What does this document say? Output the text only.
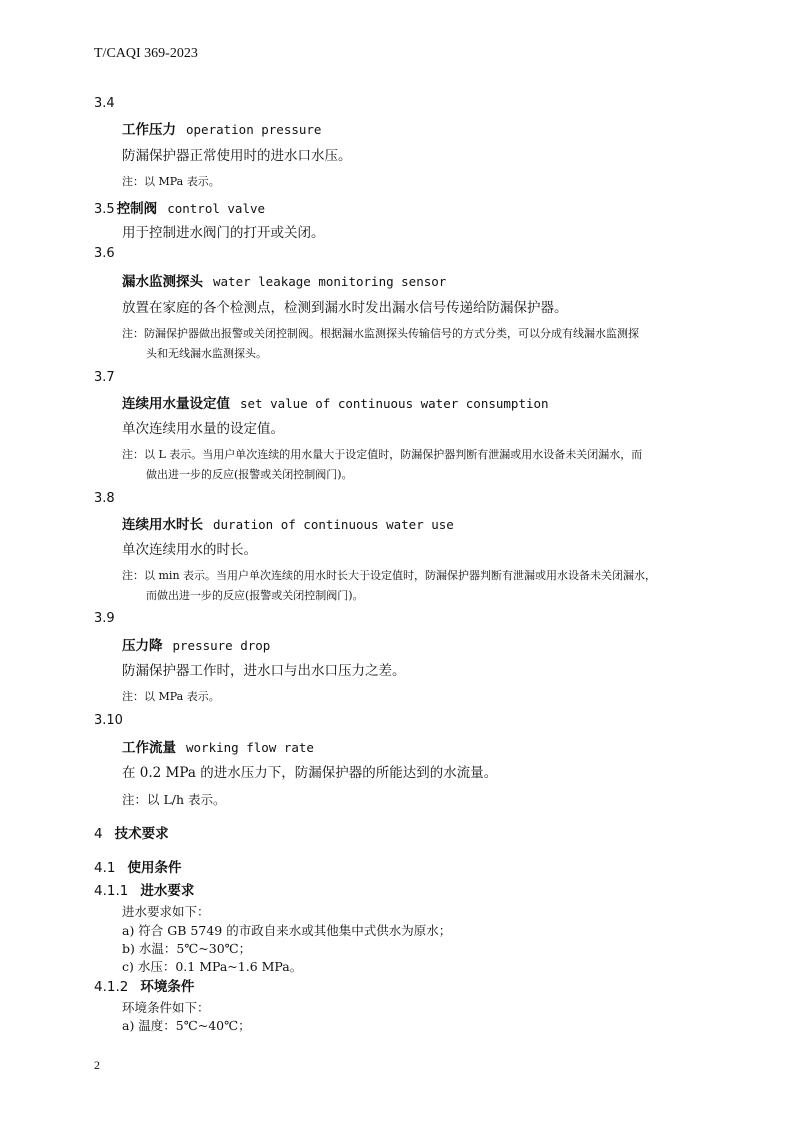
T/CAQI 369-2023
3.4
工作压力 operation pressure
防漏保护器正常使用时的进水口水压。
注：以 MPa 表示。
3.5 控制阀 control valve
用于控制进水阀门的打开或关闭。
3.6
漏水监测探头 water leakage monitoring sensor
放置在家庭的各个检测点，检测到漏水时发出漏水信号传递给防漏保护器。
注：防漏保护器做出报警或关闭控制阀。根据漏水监测探头传输信号的方式分类，可以分成有线漏水监测探
头和无线漏水监测探头。
3.7
连续用水量设定值 set value of continuous water consumption
单次连续用水量的设定值。
注：以 L 表示。当用户单次连续的用水量大于设定值时，防漏保护器判断有泄漏或用水设备未关闭漏水，而
做出进一步的反应(报警或关闭控制阀门)。
3.8
连续用水时长 duration of continuous water use
单次连续用水的时长。
注：以 min 表示。当用户单次连续的用水时长大于设定值时，防漏保护器判断有泄漏或用水设备未关闭漏水，
而做出进一步的反应(报警或关闭控制阀门)。
3.9
压力降 pressure drop
防漏保护器工作时，进水口与出水口压力之差。
注：以 MPa 表示。
3.10
工作流量 working flow rate
在 0.2 MPa 的进水压力下，防漏保护器的所能达到的水流量。
注：以 L/h 表示。
4 技术要求
4.1 使用条件
4.1.1 进水要求
进水要求如下：
a) 符合 GB 5749 的市政自来水或其他集中式供水为原水；
b) 水温：5℃~30℃；
c) 水压：0.1 MPa~1.6 MPa。
4.1.2 环境条件
环境条件如下：
a) 温度：5℃~40℃；
2
